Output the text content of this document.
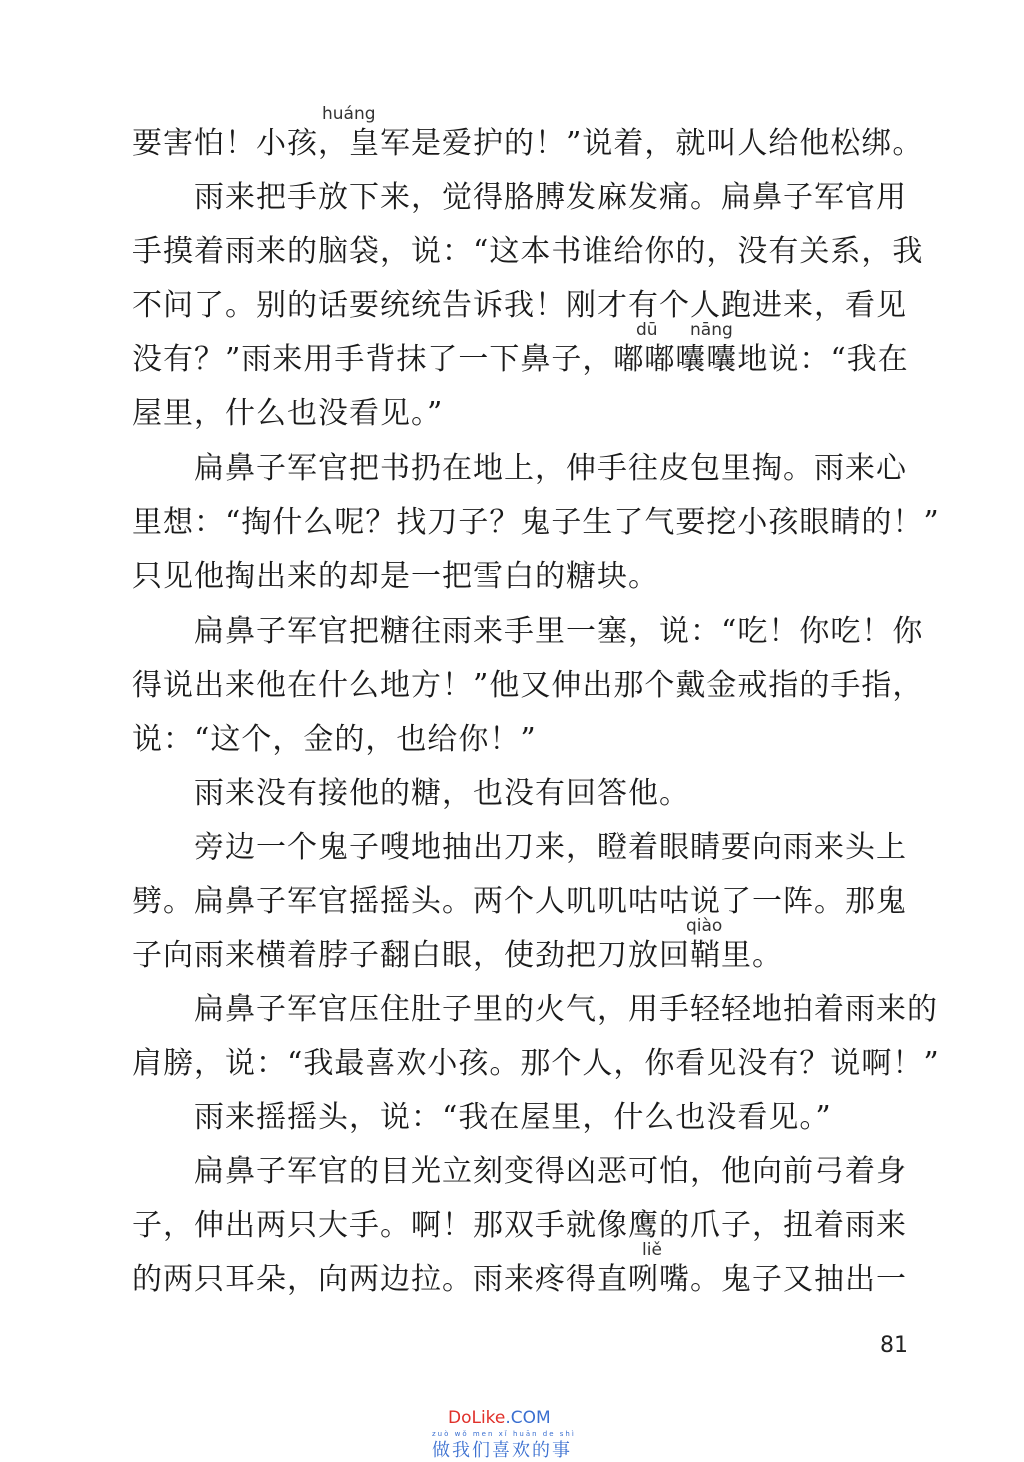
huáng
要害怕！小孩，皇军是爱护的！”说着，就叫人给他松绑。
雨来把手放下来，觉得胳膊发麻发痛。扁鼻子军官用
手摸着雨来的脑袋，说：“这本书谁给你的，没有关系，我
不问了。别的话要统统告诉我！刚才有个人跑进来，看见
dū nāng
没有？”雨来用手背抹了一下鼻子，嘟嘟囔囔地说：“我在
屋里，什么也没看见。”
扁鼻子军官把书扔在地上，伸手往皮包里掏。雨来心
里想：“掏什么呢？找刀子？鬼子生了气要挖小孩眼睛的！”
只见他掏出来的却是一把雪白的糖块。
扁鼻子军官把糖往雨来手里一塞，说：“吃！你吃！你
得说出来他在什么地方！”他又伸出那个戴金戒指的手指，
说：“这个，金的，也给你！”
雨来没有接他的糖，也没有回答他。
旁边一个鬼子嗖地抽出刀来，瞪着眼睛要向雨来头上
劈。扁鼻子军官摇摇头。两个人叽叽咕咕说了一阵。那鬼
qiào
子向雨来横着脖子翻白眼，使劲把刀放回鞘里。
扁鼻子军官压住肚子里的火气，用手轻轻地拍着雨来的
肩膀，说：“我最喜欢小孩。那个人，你看见没有？说啊！”
雨来摇摇头，说：“我在屋里，什么也没看见。”
扁鼻子军官的目光立刻变得凶恶可怕，他向前弓着身
子，伸出两只大手。啊！那双手就像鹰的爪子，扭着雨来
liě
的两只耳朵，向两边拉。雨来疼得直咧嘴。鬼子又抽出一
81
DoLike.COM
zuò wǒ men xǐ huān de shì
做我们喜欢的事
